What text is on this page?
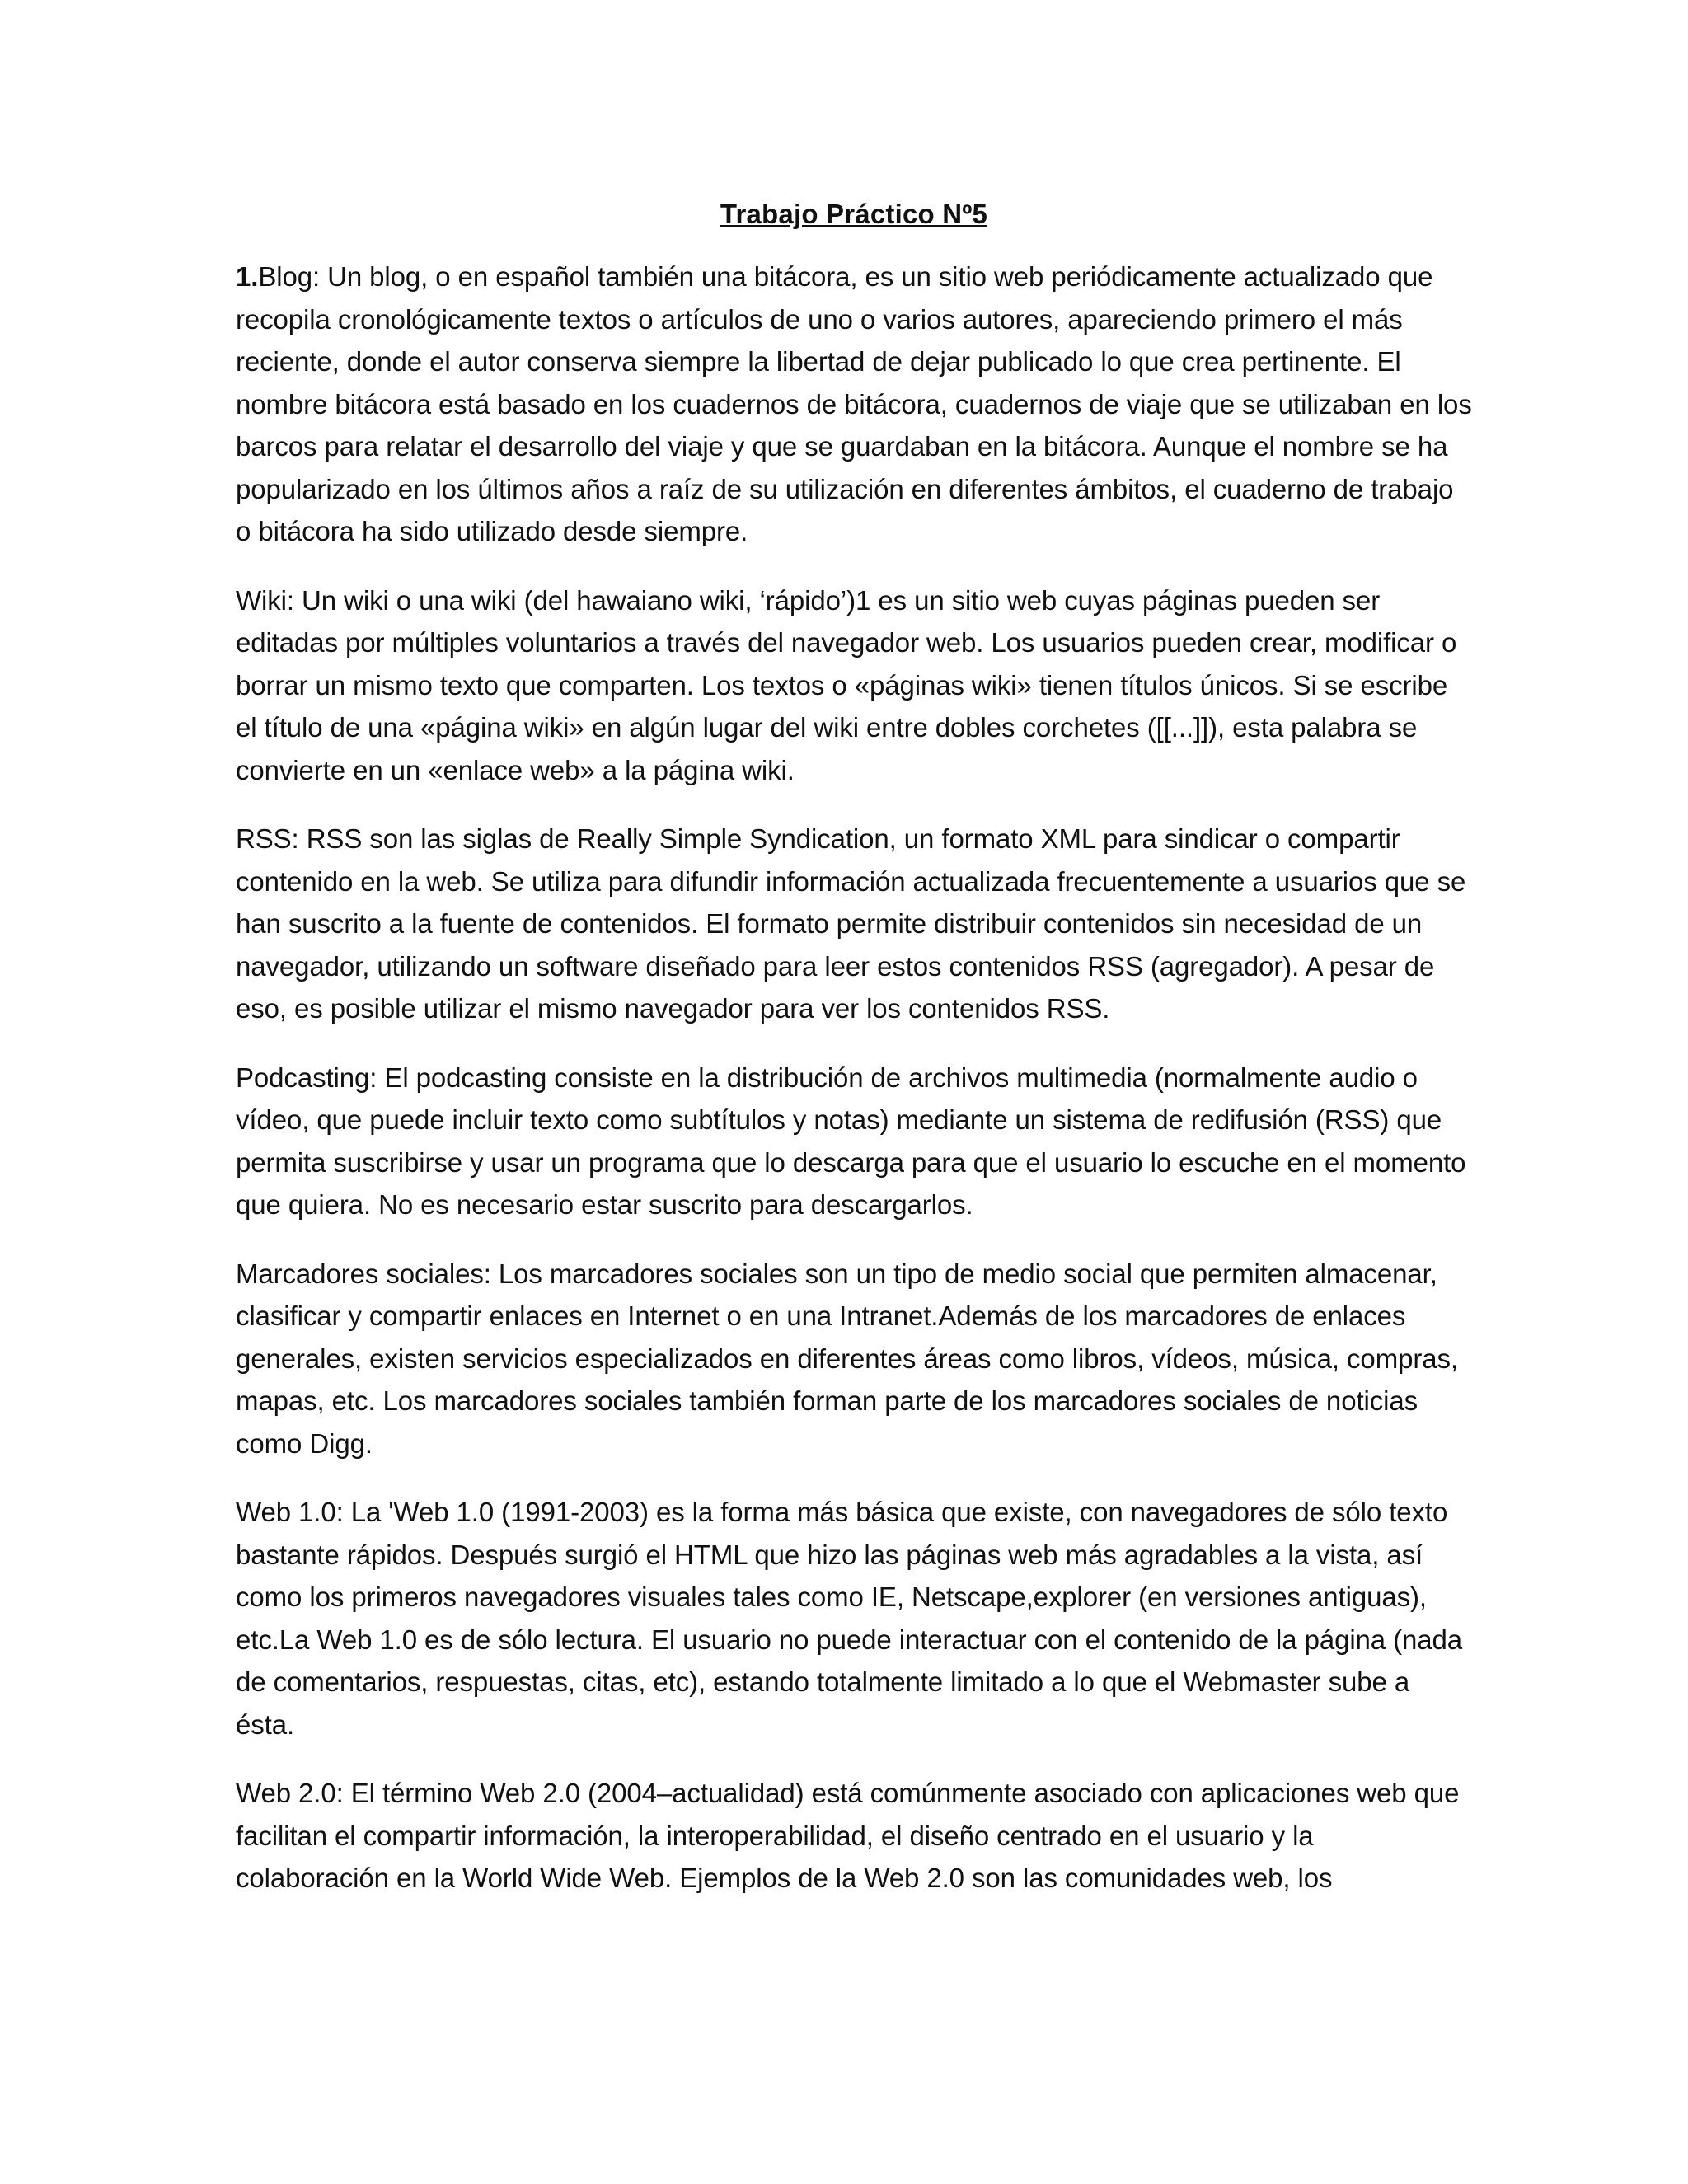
Trabajo Práctico Nº5

1.Blog: Un blog, o en español también una bitácora, es un sitio web periódicamente actualizado que recopila cronológicamente textos o artículos de uno o varios autores, apareciendo primero el más reciente, donde el autor conserva siempre la libertad de dejar publicado lo que crea pertinente. El nombre bitácora está basado en los cuadernos de bitácora, cuadernos de viaje que se utilizaban en los barcos para relatar el desarrollo del viaje y que se guardaban en la bitácora. Aunque el nombre se ha popularizado en los últimos años a raíz de su utilización en diferentes ámbitos, el cuaderno de trabajo o bitácora ha sido utilizado desde siempre.

Wiki: Un wiki o una wiki (del hawaiano wiki, ‘rápido’)1 es un sitio web cuyas páginas pueden ser editadas por múltiples voluntarios a través del navegador web. Los usuarios pueden crear, modificar o borrar un mismo texto que comparten. Los textos o «páginas wiki» tienen títulos únicos. Si se escribe el título de una «página wiki» en algún lugar del wiki entre dobles corchetes ([[...]]), esta palabra se convierte en un «enlace web» a la página wiki.

RSS: RSS son las siglas de Really Simple Syndication, un formato XML para sindicar o compartir contenido en la web. Se utiliza para difundir información actualizada frecuentemente a usuarios que se han suscrito a la fuente de contenidos. El formato permite distribuir contenidos sin necesidad de un navegador, utilizando un software diseñado para leer estos contenidos RSS (agregador). A pesar de eso, es posible utilizar el mismo navegador para ver los contenidos RSS.

Podcasting: El podcasting consiste en la distribución de archivos multimedia (normalmente audio o vídeo, que puede incluir texto como subtítulos y notas) mediante un sistema de redifusión (RSS) que permita suscribirse y usar un programa que lo descarga para que el usuario lo escuche en el momento que quiera. No es necesario estar suscrito para descargarlos.

Marcadores sociales: Los marcadores sociales son un tipo de medio social que permiten almacenar, clasificar y compartir enlaces en Internet o en una Intranet.Además de los marcadores de enlaces generales, existen servicios especializados en diferentes áreas como libros, vídeos, música, compras, mapas, etc. Los marcadores sociales también forman parte de los marcadores sociales de noticias como Digg.

Web 1.0: La 'Web 1.0 (1991-2003) es la forma más básica que existe, con navegadores de sólo texto bastante rápidos. Después surgió el HTML que hizo las páginas web más agradables a la vista, así como los primeros navegadores visuales tales como IE, Netscape,explorer (en versiones antiguas), etc.La Web 1.0 es de sólo lectura. El usuario no puede interactuar con el contenido de la página (nada de comentarios, respuestas, citas, etc), estando totalmente limitado a lo que el Webmaster sube a ésta.

Web 2.0: El término Web 2.0 (2004–actualidad) está comúnmente asociado con aplicaciones web que facilitan el compartir información, la interoperabilidad, el diseño centrado en el usuario y la colaboración en la World Wide Web. Ejemplos de la Web 2.0 son las comunidades web, los
